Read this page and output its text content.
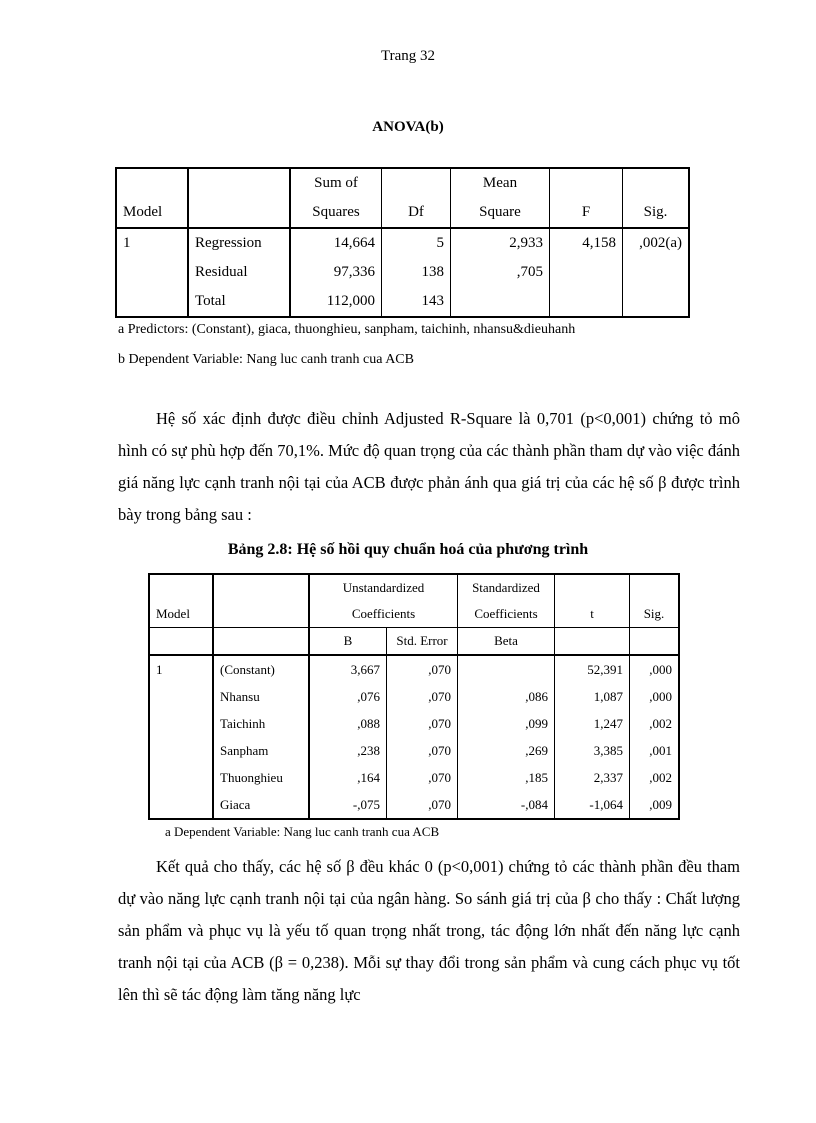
Trang 32
ANOVA(b)
		Sum of		Mean		
Model		Squares	Df	Square	F	Sig.
1	Regression	14,664	5	2,933	4,158	,002(a)
	Residual	97,336	138	,705		
	Total	112,000	143			
a Predictors: (Constant), giaca, thuonghieu, sanpham, taichinh, nhansu&dieuhanh
b Dependent Variable: Nang luc canh tranh cua ACB

Hệ số xác định được điều chỉnh Adjusted R-Square là 0,701 (p<0,001) chứng tỏ mô hình có sự phù hợp đến 70,1%. Mức độ quan trọng của các thành phần tham dự vào việc đánh giá năng lực cạnh tranh nội tại của ACB được phản ánh qua giá trị của các hệ số β được trình bày trong bảng sau :

Bảng 2.8: Hệ số hồi quy chuẩn hoá của phương trình
		Unstandardized		Standardized		
Model		Coefficients		Coefficients	t	Sig.
		B	Std. Error	Beta		
1	(Constant)	3,667	,070		52,391	,000
	Nhansu	,076	,070	,086	1,087	,000
	Taichinh	,088	,070	,099	1,247	,002
	Sanpham	,238	,070	,269	3,385	,001
	Thuonghieu	,164	,070	,185	2,337	,002
	Giaca	-,075	,070	-,084	-1,064	,009
a Dependent Variable: Nang luc canh tranh cua ACB

Kết quả cho thấy, các hệ số β đều khác 0 (p<0,001) chứng tỏ các thành phần đều tham dự vào năng lực cạnh tranh nội tại của ngân hàng. So sánh giá trị của β cho thấy : Chất lượng sản phẩm và phục vụ là yếu tố quan trọng nhất trong, tác động lớn nhất đến năng lực cạnh tranh nội tại của ACB (β = 0,238). Mỗi sự thay đổi trong sản phẩm và cung cách phục vụ tốt lên thì sẽ tác động làm tăng năng lực
